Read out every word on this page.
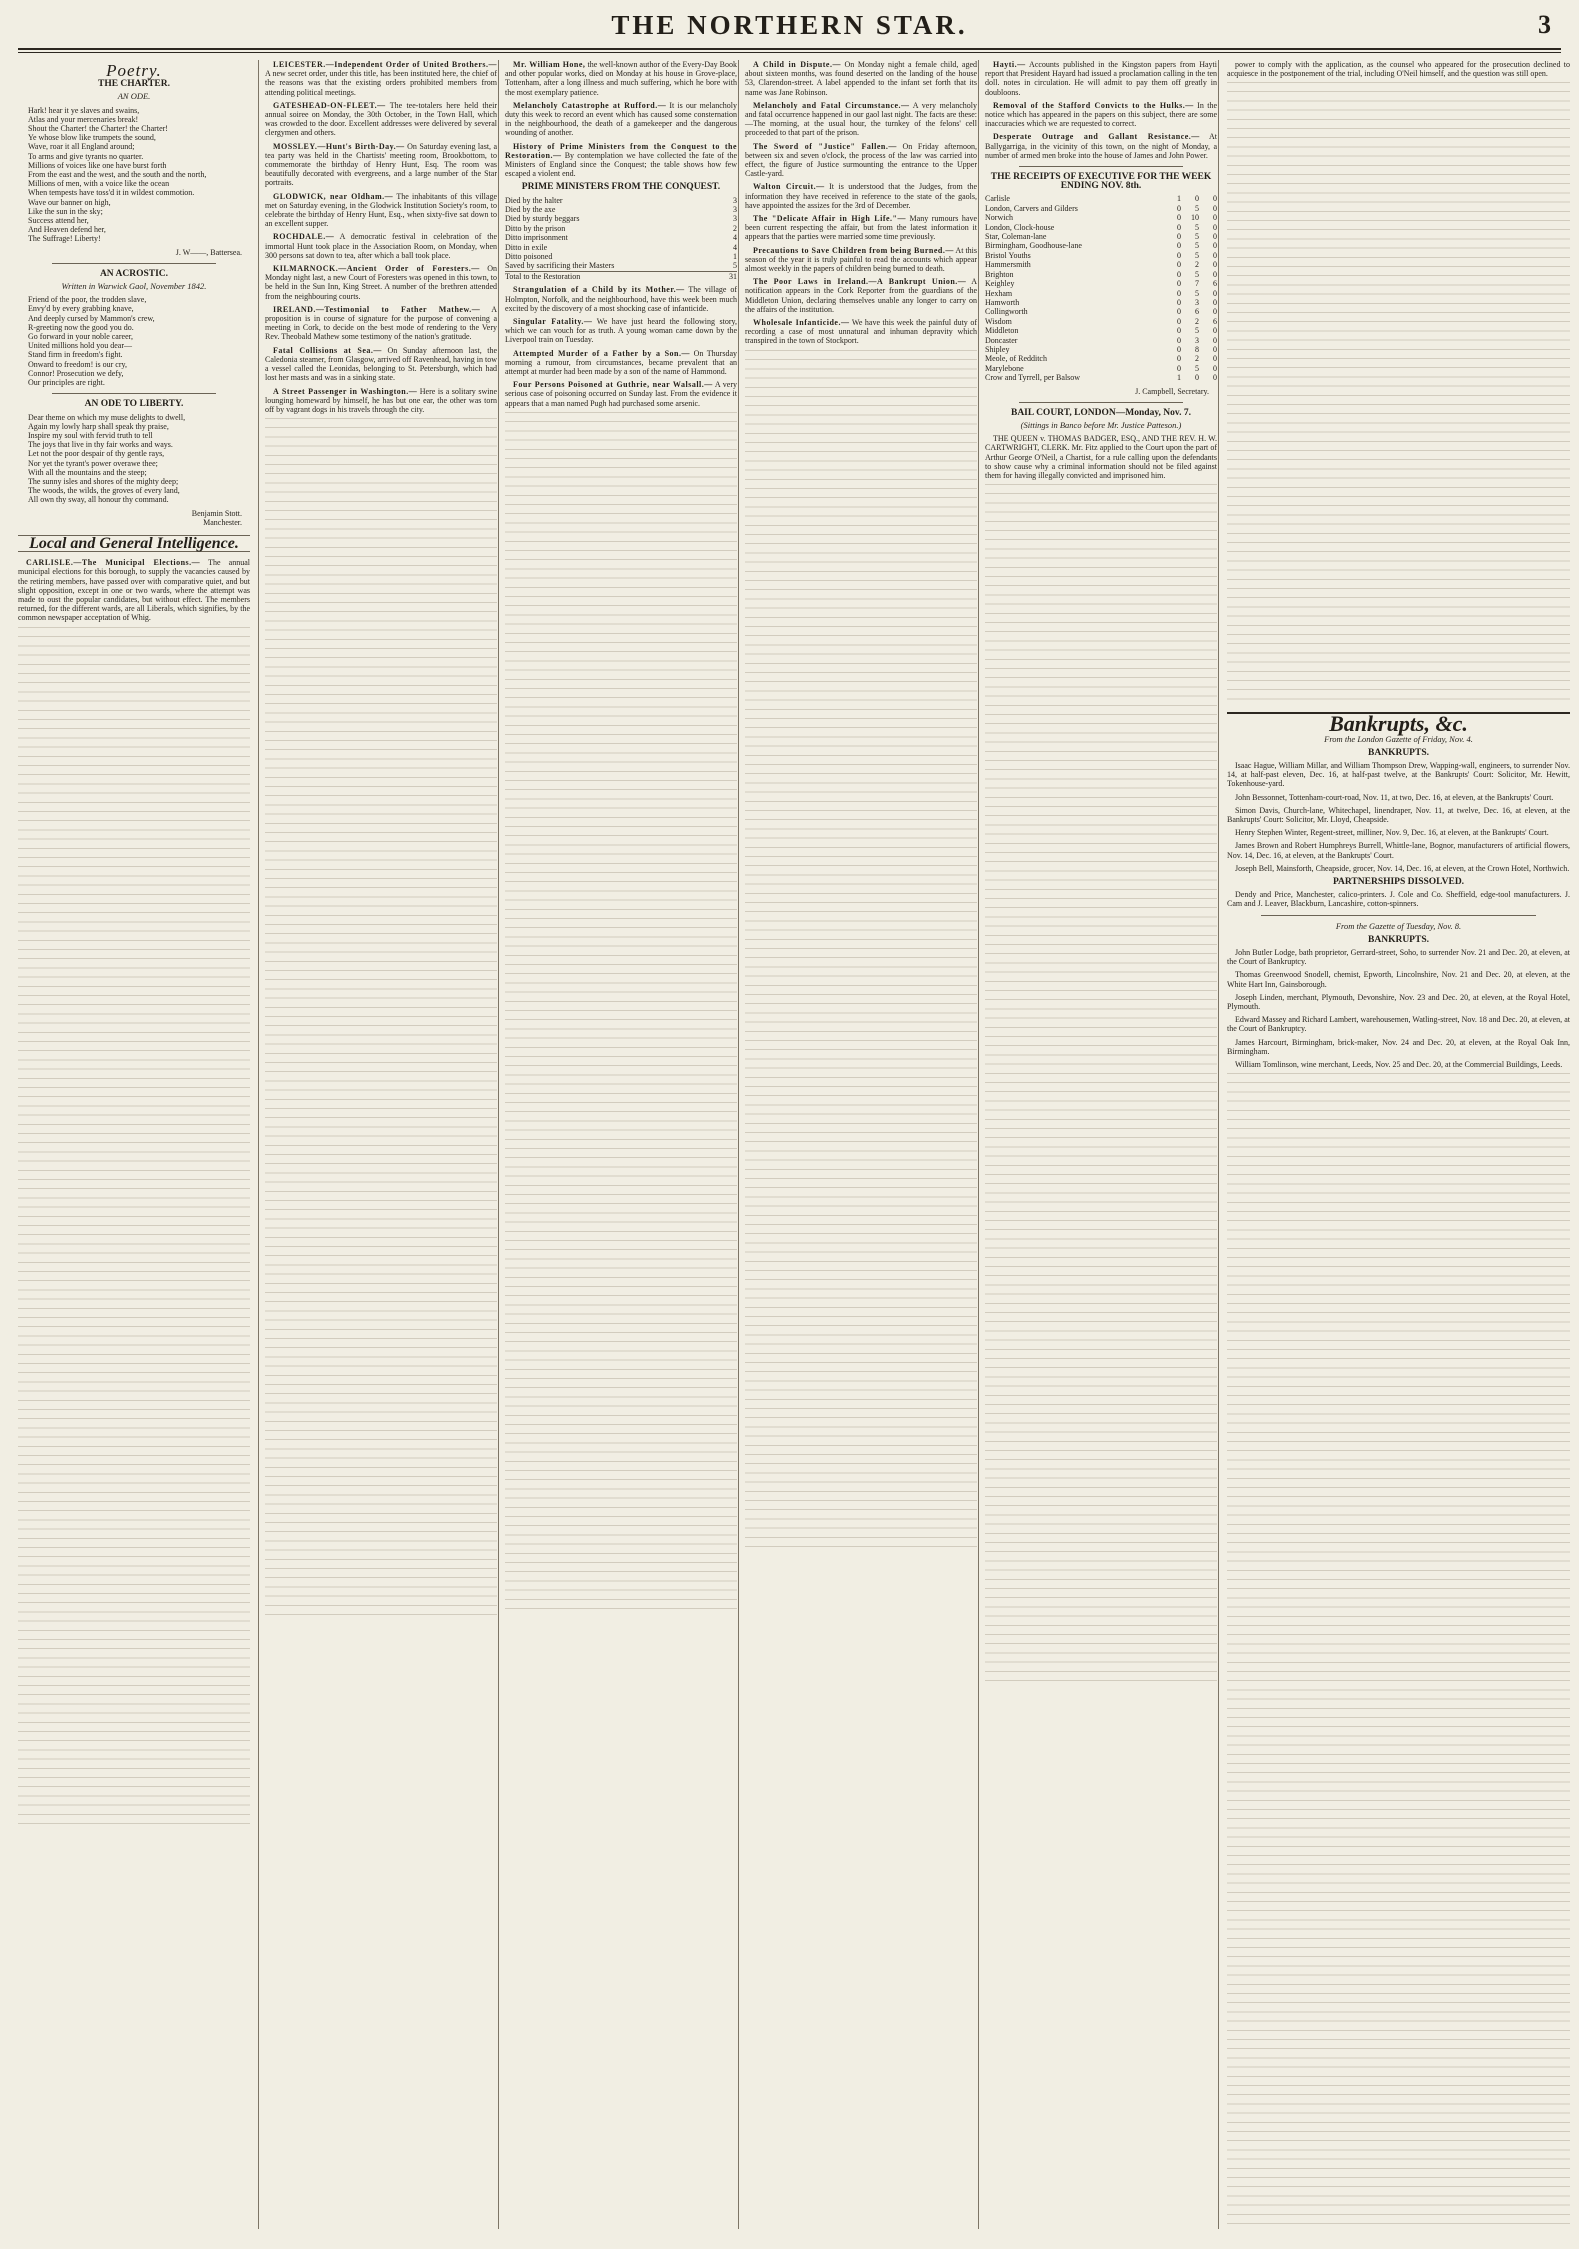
THE NORTHERN STAR.	3
Poetry.
THE CHARTER.
AN ODE.
Hark! hear it ye slaves and swains,
Atlas and your mercenaries break!
Shout the Charter! the Charter! the Charter!
Ye whose blow like trumpets the sound,
Wave, roar it all England around;
To arms and give tyrants no quarter.
Millions of voices like one have burst forth
From the east and the west, and the south and the north,
Millions of men, with a voice like the ocean
When tempests have toss'd it in wildest commotion.
Wave our banner on high,
Like the sun in the sky;
Success attend her,
And Heaven defend her,
The Suffrage! Liberty!
J. W——, Battersea.
AN ACROSTIC.
Written in Warwick Gaol, November 1842.
Friend of the poor, the trodden slave,
Envy'd by every grabbing knave,
And deeply cursed by Mammon's crew,
R-greeting now the good you do.
Go forward in your noble career,
United millions hold you dear—
Stand firm in freedom's fight.
Onward to freedom! is our cry,
Connor! Prosecution we defy,
Our principles are right.
AN ODE TO LIBERTY.
Dear theme on which my muse delights to dwell,
Again my lowly harp shall speak thy praise,
Inspire my soul with fervid truth to tell
The joys that live in thy fair works and ways.
Let not the poor despair of thy gentle rays,
Nor yet the tyrant's power overawe thee;
With all the mountains and the steep;
The sunny isles and shores of the mighty deep;
The woods, the wilds, the groves of every land,
All own thy sway, all honour thy command.
Benjamin Stott.
Manchester.
Local and General Intelligence.

CARLISLE.—The Municipal Elections.— The annual municipal elections for this borough, to supply the vacancies caused by the retiring members, have passed over with comparative quiet, and but slight opposition, except in one or two wards, where the attempt was made to oust the popular candidates, but without effect. The members returned, for the different wards, are all Liberals, which signifies, by the common newspaper acceptation of Whig.

LEICESTER.—Independent Order of United Brothers.— A new secret order, under this title, has been instituted here, the chief of the reasons was that the existing orders prohibited members from attending political meetings.

GATESHEAD-ON-FLEET.— The tee-totalers here held their annual soiree on Monday, the 30th October, in the Town Hall, which was crowded to the door. Excellent addresses were delivered by several clergymen and others.

MOSSLEY.—Hunt's Birth-Day.— On Saturday evening last, a tea party was held in the Chartists' meeting room, Brookbottom, to commemorate the birthday of Henry Hunt, Esq. The room was beautifully decorated with evergreens, and a large number of the Star portraits.

GLODWICK, near Oldham.— The inhabitants of this village met on Saturday evening, in the Glodwick Institution Society's room, to celebrate the birthday of Henry Hunt, Esq., when sixty-five sat down to an excellent supper.

ROCHDALE.— A democratic festival in celebration of the immortal Hunt took place in the Association Room, on Monday, when 300 persons sat down to tea, after which a ball took place.

KILMARNOCK.—Ancient Order of Foresters.— On Monday night last, a new Court of Foresters was opened in this town, to be held in the Sun Inn, King Street. A number of the brethren attended from the neighbouring courts.

IRELAND.—Testimonial to Father Mathew.— A proposition is in course of signature for the purpose of convening a meeting in Cork, to decide on the best mode of rendering to the Very Rev. Theobald Mathew some testimony of the nation's gratitude.

Fatal Collisions at Sea.— On Sunday afternoon last, the Caledonia steamer, from Glasgow, arrived off Ravenhead, having in tow a vessel called the Leonidas, belonging to St. Petersburgh, which had lost her masts and was in a sinking state.

A Street Passenger in Washington.— Here is a solitary swine lounging homeward by himself, he has but one ear, the other was torn off by vagrant dogs in his travels through the city.

Mr. William Hone, the well-known author of the Every-Day Book and other popular works, died on Monday at his house in Grove-place, Tottenham, after a long illness and much suffering, which he bore with the most exemplary patience.

Melancholy Catastrophe at Rufford.— It is our melancholy duty this week to record an event which has caused some consternation in the neighbourhood, the death of a gamekeeper and the dangerous wounding of another.

History of Prime Ministers from the Conquest to the Restoration.— By contemplation we have collected the fate of the Ministers of England since the Conquest; the table shows how few escaped a violent end.

PRIME MINISTERS FROM THE CONQUEST.
Died by the halter	3
Died by the axe	3
Died by sturdy beggars	3
Ditto by the prison	2
Ditto imprisonment	4
Ditto in exile	4
Ditto poisoned	1
Saved by sacrificing their Masters	5
Total to the Restoration	31

Strangulation of a Child by its Mother.— The village of Holmpton, Norfolk, and the neighbourhood, have this week been much excited by the discovery of a most shocking case of infanticide.

Singular Fatality.— We have just heard the following story, which we can vouch for as truth. A young woman came down by the Liverpool train on Tuesday.

Attempted Murder of a Father by a Son.— On Thursday morning a rumour, from circumstances, became prevalent that an attempt at murder had been made by a son of the name of Hammond.

Four Persons Poisoned at Guthrie, near Walsall.— A very serious case of poisoning occurred on Sunday last. From the evidence it appears that a man named Pugh had purchased some arsenic.

A Child in Dispute.— On Monday night a female child, aged about sixteen months, was found deserted on the landing of the house 53, Clarendon-street. A label appended to the infant set forth that its name was Jane Robinson.

Melancholy and Fatal Circumstance.— A very melancholy and fatal occurrence happened in our gaol last night. The facts are these:—The morning, at the usual hour, the turnkey of the felons' cell proceeded to that part of the prison.

The Sword of "Justice" Fallen.— On Friday afternoon, between six and seven o'clock, the process of the law was carried into effect, the figure of Justice surmounting the entrance to the Upper Castle-yard.

Walton Circuit.— It is understood that the Judges, from the information they have received in reference to the state of the gaols, have appointed the assizes for the 3rd of December.

The "Delicate Affair in High Life."— Many rumours have been current respecting the affair, but from the latest information it appears that the parties were married some time previously.

Precautions to Save Children from being Burned.— At this season of the year it is truly painful to read the accounts which appear almost weekly in the papers of children being burned to death.

The Poor Laws in Ireland.—A Bankrupt Union.— A notification appears in the Cork Reporter from the guardians of the Middleton Union, declaring themselves unable any longer to carry on the affairs of the institution.

Wholesale Infanticide.— We have this week the painful duty of recording a case of most unnatural and inhuman depravity which transpired in the town of Stockport.

Hayti.— Accounts published in the Kingston papers from Hayti report that President Hayard had issued a proclamation calling in the ten doll. notes in circulation. He will admit to pay them off greatly in doubloons.

Removal of the Stafford Convicts to the Hulks.— In the notice which has appeared in the papers on this subject, there are some inaccuracies which we are requested to correct.

Desperate Outrage and Gallant Resistance.— At Ballygarriga, in the vicinity of this town, on the night of Monday, a number of armed men broke into the house of James and John Power.

THE RECEIPTS OF EXECUTIVE FOR THE WEEK ENDING NOV. 8th.
Carlisle	1	0	0
London, Carvers and Gilders	0	5	0
Norwich	0	10	0
London, Clock-house	0	5	0
Star, Coleman-lane	0	5	0
Birmingham, Goodhouse-lane	0	5	0
Bristol Youths	0	5	0
Hammersmith	0	2	0
Brighton	0	5	0
Keighley	0	7	6
Hexham	0	5	0
Hamworth	0	3	0
Collingworth	0	6	0
Wisdom	0	2	6
Middleton	0	5	0
Doncaster	0	3	0
Shipley	0	8	0
Meole, of Redditch	0	2	0
Marylebone	0	5	0
Crow and Tyrrell, per Balsow	1	0	0
J. Campbell, Secretary.
BAIL COURT, LONDON—Monday, Nov. 7.
(Sittings in Banco before Mr. Justice Patteson.)

THE QUEEN v. THOMAS BADGER, ESQ., AND THE REV. H. W. CARTWRIGHT, CLERK. Mr. Fitz applied to the Court upon the part of Arthur George O'Neil, a Chartist, for a rule calling upon the defendants to show cause why a criminal information should not be filed against them for having illegally convicted and imprisoned him.

power to comply with the application, as the counsel who appeared for the prosecution declined to acquiesce in the postponement of the trial, including O'Neil himself, and the question was still open.

Bankrupts, &c.
From the London Gazette of Friday, Nov. 4.
BANKRUPTS.

Isaac Hague, William Millar, and William Thompson Drew, Wapping-wall, engineers, to surrender Nov. 14, at half-past eleven, Dec. 16, at half-past twelve, at the Bankrupts' Court: Solicitor, Mr. Hewitt, Tokenhouse-yard.

John Bessonnet, Tottenham-court-road, Nov. 11, at two, Dec. 16, at eleven, at the Bankrupts' Court.

Simon Davis, Church-lane, Whitechapel, linendraper, Nov. 11, at twelve, Dec. 16, at eleven, at the Bankrupts' Court: Solicitor, Mr. Lloyd, Cheapside.

Henry Stephen Winter, Regent-street, milliner, Nov. 9, Dec. 16, at eleven, at the Bankrupts' Court.

James Brown and Robert Humphreys Burrell, Whittle-lane, Bognor, manufacturers of artificial flowers, Nov. 14, Dec. 16, at eleven, at the Bankrupts' Court.

Joseph Bell, Mainsforth, Cheapside, grocer, Nov. 14, Dec. 16, at eleven, at the Crown Hotel, Northwich.

PARTNERSHIPS DISSOLVED.

Dendy and Price, Manchester, calico-printers. J. Cole and Co. Sheffield, edge-tool manufacturers. J. Cam and J. Leaver, Blackburn, Lancashire, cotton-spinners.

From the Gazette of Tuesday, Nov. 8.
BANKRUPTS.

John Butler Lodge, bath proprietor, Gerrard-street, Soho, to surrender Nov. 21 and Dec. 20, at eleven, at the Court of Bankruptcy.

Thomas Greenwood Snodell, chemist, Epworth, Lincolnshire, Nov. 21 and Dec. 20, at eleven, at the White Hart Inn, Gainsborough.

Joseph Linden, merchant, Plymouth, Devonshire, Nov. 23 and Dec. 20, at eleven, at the Royal Hotel, Plymouth.

Edward Massey and Richard Lambert, warehousemen, Watling-street, Nov. 18 and Dec. 20, at eleven, at the Court of Bankruptcy.

James Harcourt, Birmingham, brick-maker, Nov. 24 and Dec. 20, at eleven, at the Royal Oak Inn, Birmingham.

William Tomlinson, wine merchant, Leeds, Nov. 25 and Dec. 20, at the Commercial Buildings, Leeds.
